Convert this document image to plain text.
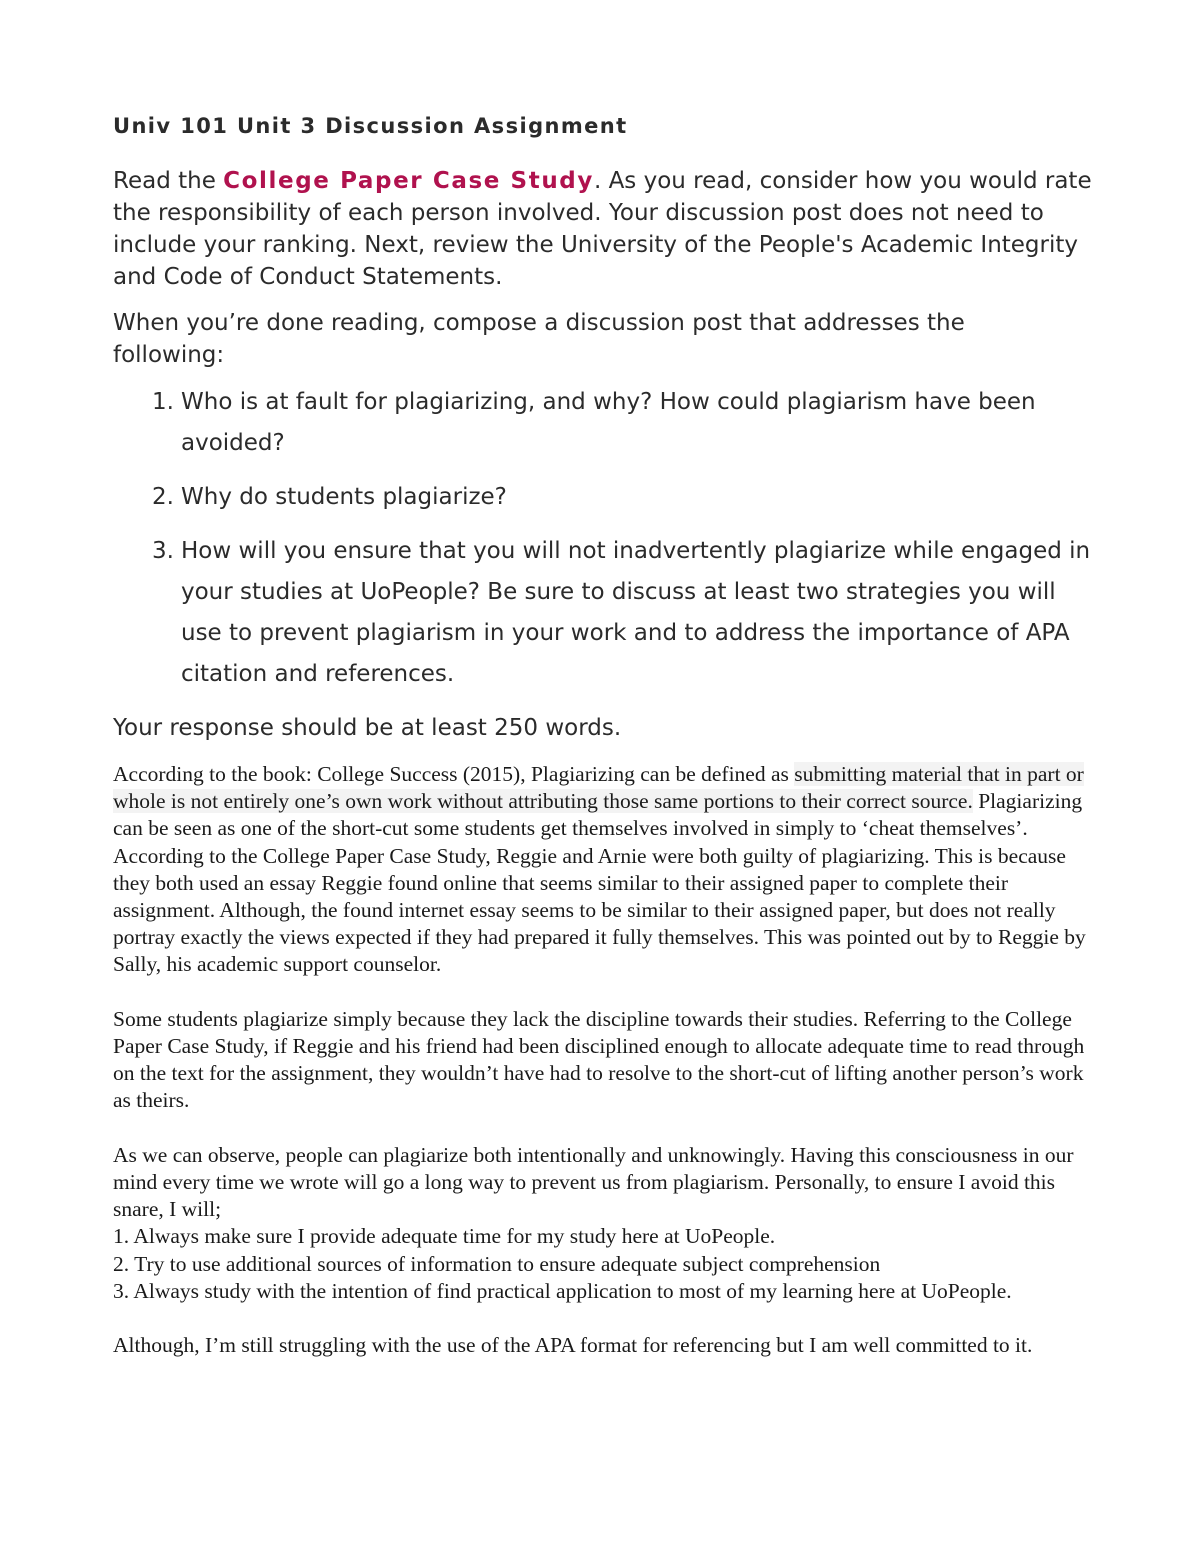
Univ 101 Unit 3 Discussion Assignment

Read the College Paper Case Study. As you read, consider how you would rate the responsibility of each person involved. Your discussion post does not need to include your ranking. Next, review the University of the People's Academic Integrity and Code of Conduct Statements.

When you’re done reading, compose a discussion post that addresses the following:

1. Who is at fault for plagiarizing, and why? How could plagiarism have been avoided?
2. Why do students plagiarize?
3. How will you ensure that you will not inadvertently plagiarize while engaged in your studies at UoPeople? Be sure to discuss at least two strategies you will use to prevent plagiarism in your work and to address the importance of APA citation and references.

Your response should be at least 250 words.

According to the book: College Success (2015), Plagiarizing can be defined as submitting material that in part or whole is not entirely one’s own work without attributing those same portions to their correct source. Plagiarizing can be seen as one of the short-cut some students get themselves involved in simply to ‘cheat themselves’.

According to the College Paper Case Study, Reggie and Arnie were both guilty of plagiarizing. This is because they both used an essay Reggie found online that seems similar to their assigned paper to complete their assignment. Although, the found internet essay seems to be similar to their assigned paper, but does not really portray exactly the views expected if they had prepared it fully themselves. This was pointed out by to Reggie by Sally, his academic support counselor.

Some students plagiarize simply because they lack the discipline towards their studies. Referring to the College Paper Case Study, if Reggie and his friend had been disciplined enough to allocate adequate time to read through on the text for the assignment, they wouldn’t have had to resolve to the short-cut of lifting another person’s work as theirs.

As we can observe, people can plagiarize both intentionally and unknowingly. Having this consciousness in our mind every time we wrote will go a long way to prevent us from plagiarism. Personally, to ensure I avoid this snare, I will;

1. Always make sure I provide adequate time for my study here at UoPeople.

2. Try to use additional sources of information to ensure adequate subject comprehension

3. Always study with the intention of find practical application to most of my learning here at UoPeople.

Although, I’m still struggling with the use of the APA format for referencing but I am well committed to it.
